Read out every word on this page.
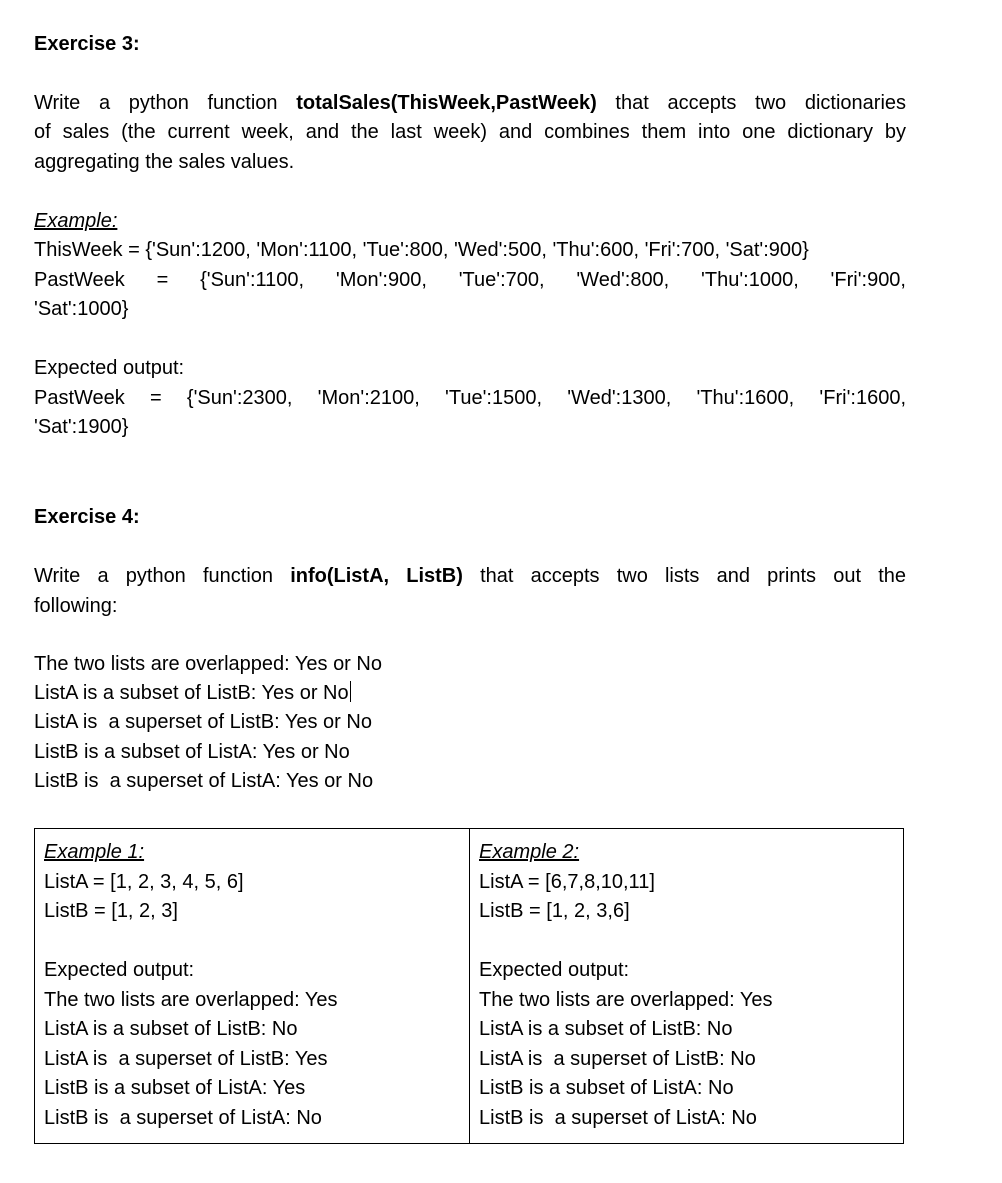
Exercise 3:
Write a python function totalSales(ThisWeek,PastWeek) that accepts two dictionaries
of sales (the current week, and the last week) and combines them into one dictionary by
aggregating the sales values.
Example:
ThisWeek = {'Sun':1200, 'Mon':1100, 'Tue':800, 'Wed':500, 'Thu':600, 'Fri':700, 'Sat':900}
PastWeek = {'Sun':1100, 'Mon':900, 'Tue':700, 'Wed':800, 'Thu':1000, 'Fri':900,
'Sat':1000}
Expected output:
PastWeek = {'Sun':2300, 'Mon':2100, 'Tue':1500, 'Wed':1300, 'Thu':1600, 'Fri':1600,
'Sat':1900}
Exercise 4:
Write a python function info(ListA, ListB) that accepts two lists and prints out the
following:
The two lists are overlapped: Yes or No
ListA is a subset of ListB: Yes or No
ListA is  a superset of ListB: Yes or No
ListB is a subset of ListA: Yes or No
ListB is  a superset of ListA: Yes or No
Example 1:
ListA = [1, 2, 3, 4, 5, 6]
ListB = [1, 2, 3]
Expected output:
The two lists are overlapped: Yes
ListA is a subset of ListB: No
ListA is  a superset of ListB: Yes
ListB is a subset of ListA: Yes
ListB is  a superset of ListA: No
Example 2:
ListA = [6,7,8,10,11]
ListB = [1, 2, 3,6]
Expected output:
The two lists are overlapped: Yes
ListA is a subset of ListB: No
ListA is  a superset of ListB: No
ListB is a subset of ListA: No
ListB is  a superset of ListA: No
